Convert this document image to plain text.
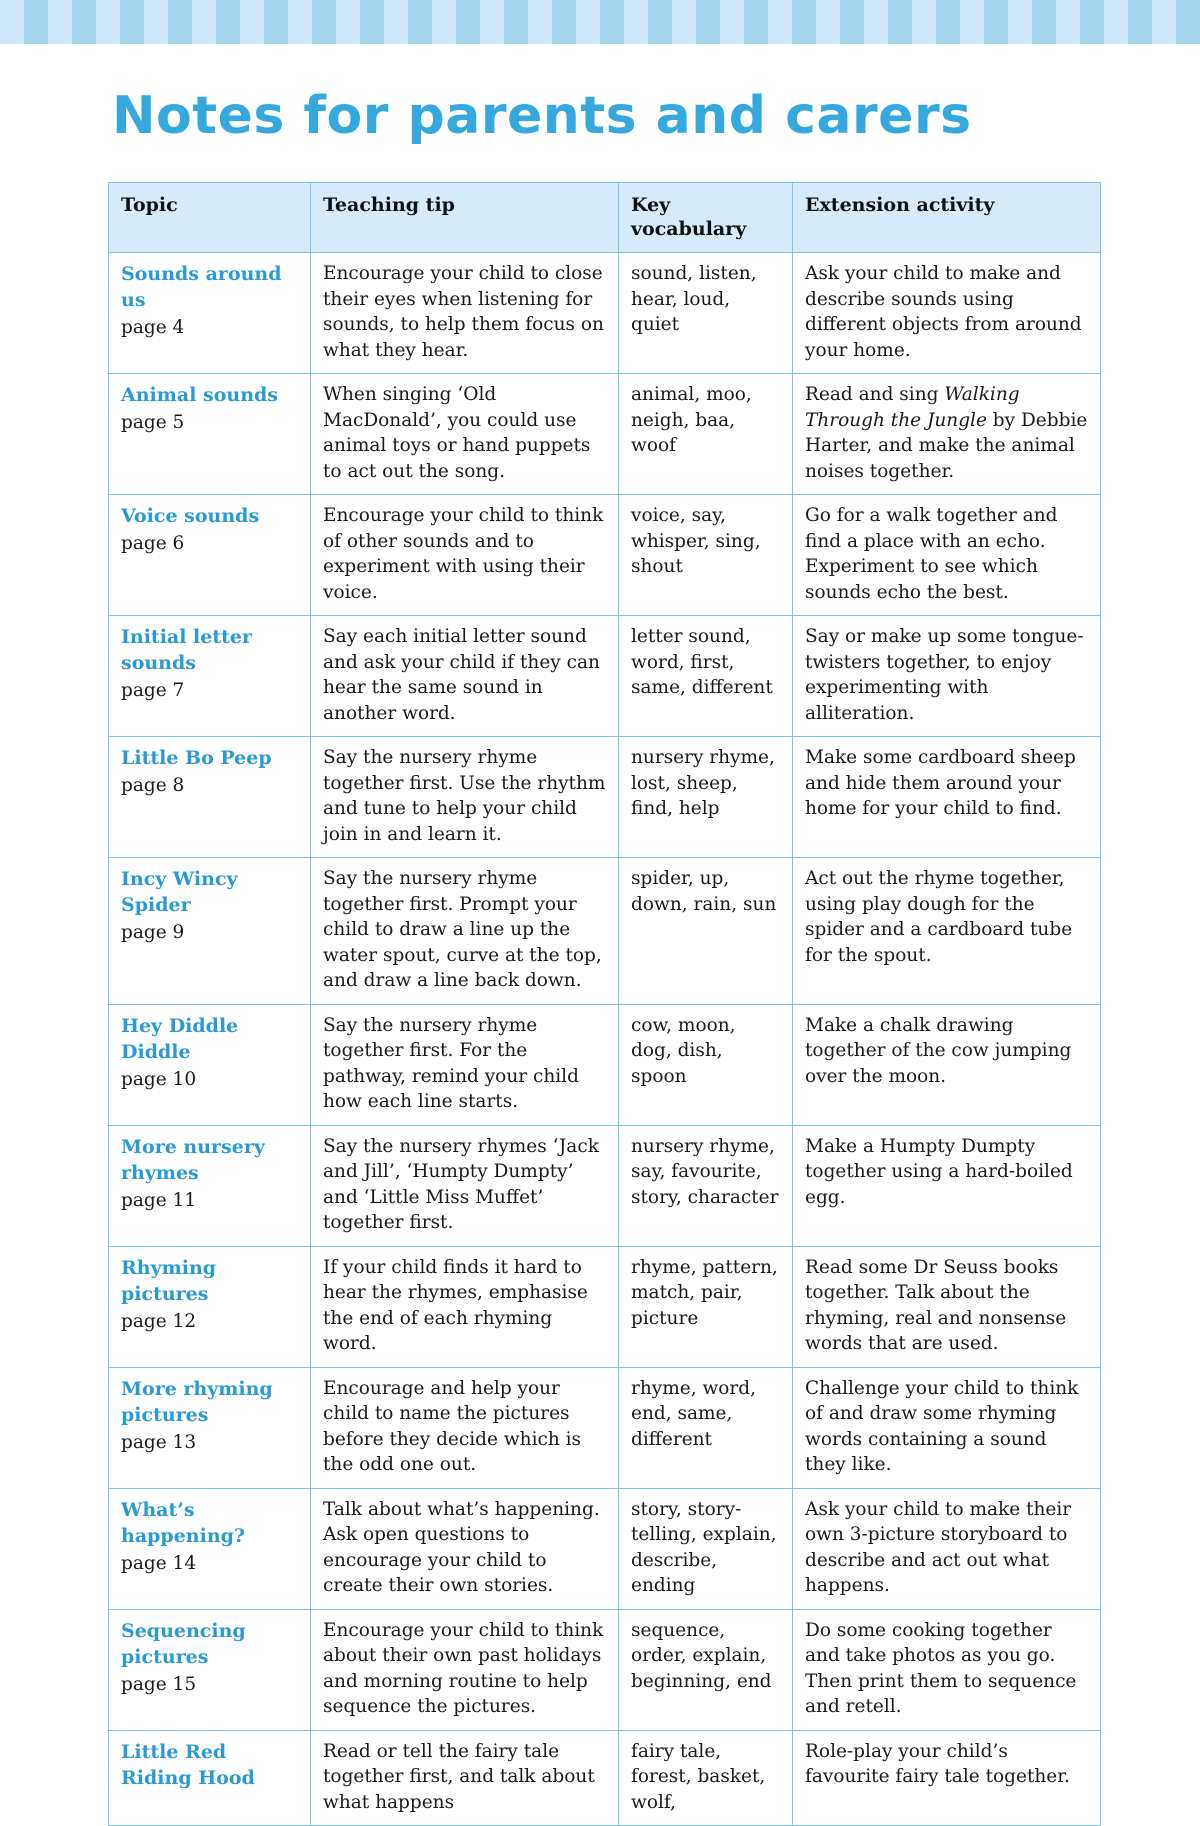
Notes for parents and carers
Topic	Teaching tip	Key vocabulary	Extension activity

Sounds around us
page 4	Encourage your child to close their eyes when listening for sounds, to help them focus on what they hear.	sound, listen, hear, loud, quiet	Ask your child to make and describe sounds using different objects from around your home.

Animal sounds
page 5	When singing ‘Old MacDonald’, you could use animal toys or hand puppets to act out the song.	animal, moo, neigh, baa, woof	Read and sing Walking Through the Jungle by Debbie Harter, and make the animal noises together.

Voice sounds
page 6	Encourage your child to think of other sounds and to experiment with using their voice.	voice, say, whisper, sing, shout	Go for a walk together and find a place with an echo. Experiment to see which sounds echo the best.

Initial letter sounds
page 7	Say each initial letter sound and ask your child if they can hear the same sound in another word.	letter sound, word, first, same, different	Say or make up some tongue-twisters together, to enjoy experimenting with alliteration.

Little Bo Peep
page 8	Say the nursery rhyme together first. Use the rhythm and tune to help your child join in and learn it.	nursery rhyme, lost, sheep, find, help	Make some cardboard sheep and hide them around your home for your child to find.

Incy Wincy Spider
page 9	Say the nursery rhyme together first. Prompt your child to draw a line up the water spout, curve at the top, and draw a line back down.	spider, up, down, rain, sun	Act out the rhyme together, using play dough for the spider and a cardboard tube for the spout.

Hey Diddle Diddle
page 10	Say the nursery rhyme together first. For the pathway, remind your child how each line starts.	cow, moon, dog, dish, spoon	Make a chalk drawing together of the cow jumping over the moon.

More nursery rhymes
page 11	Say the nursery rhymes ‘Jack and Jill’, ‘Humpty Dumpty’ and ‘Little Miss Muffet’ together first.	nursery rhyme, say, favourite, story, character	Make a Humpty Dumpty together using a hard-boiled egg.

Rhyming pictures
page 12	If your child finds it hard to hear the rhymes, emphasise the end of each rhyming word.	rhyme, pattern, match, pair, picture	Read some Dr Seuss books together. Talk about the rhyming, real and nonsense words that are used.

More rhyming pictures
page 13	Encourage and help your child to name the pictures before they decide which is the odd one out.	rhyme, word, end, same, different	Challenge your child to think of and draw some rhyming words containing a sound they like.

What’s happening?
page 14	Talk about what’s happening. Ask open questions to encourage your child to create their own stories.	story, story-telling, explain, describe, ending	Ask your child to make their own 3-picture storyboard to describe and act out what happens.

Sequencing pictures
page 15	Encourage your child to think about their own past holidays and morning routine to help sequence the pictures.	sequence, order, explain, beginning, end	Do some cooking together and take photos as you go. Then print them to sequence and retell.

Little Red Riding Hood	Read or tell the fairy tale together first, and talk about what happens	fairy tale, forest, basket, wolf,	Role-play your child’s favourite fairy tale together.
